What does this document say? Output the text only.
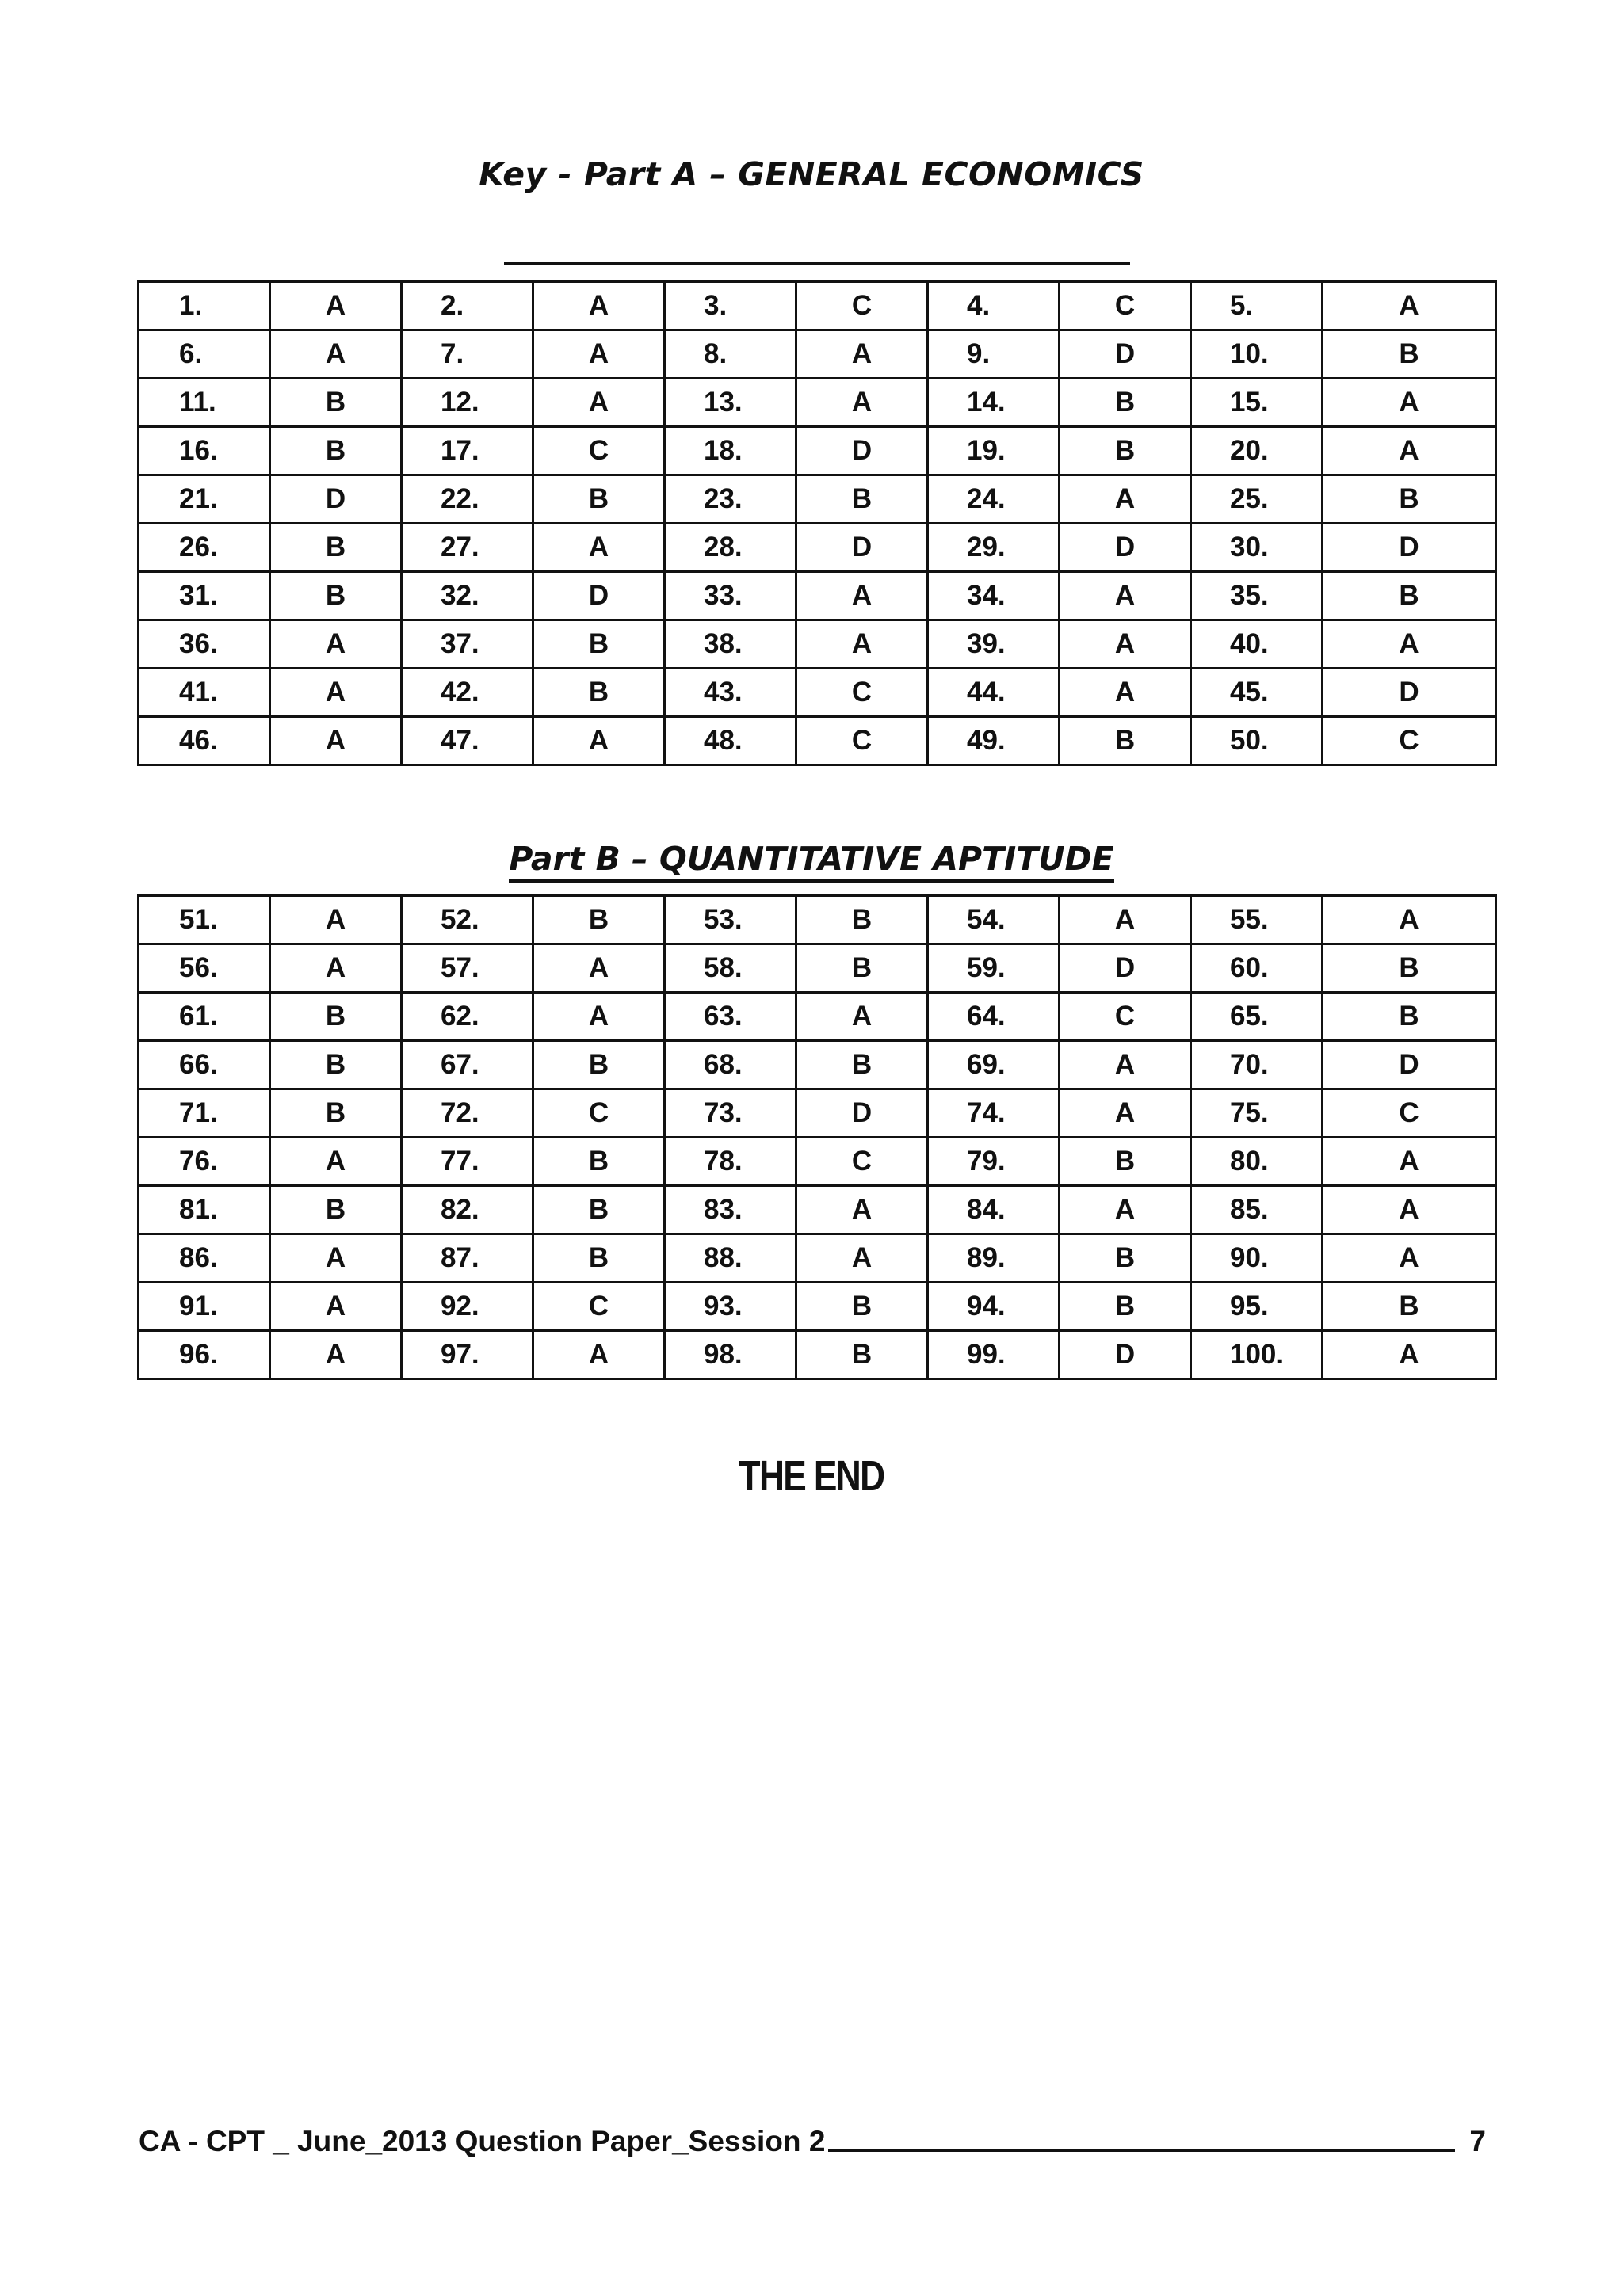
Key - Part A – GENERAL ECONOMICS
1.	A	2.	A	3.	C	4.	C	5.	A
6.	A	7.	A	8.	A	9.	D	10.	B
11.	B	12.	A	13.	A	14.	B	15.	A
16.	B	17.	C	18.	D	19.	B	20.	A
21.	D	22.	B	23.	B	24.	A	25.	B
26.	B	27.	A	28.	D	29.	D	30.	D
31.	B	32.	D	33.	A	34.	A	35.	B
36.	A	37.	B	38.	A	39.	A	40.	A
41.	A	42.	B	43.	C	44.	A	45.	D
46.	A	47.	A	48.	C	49.	B	50.	C
Part B – QUANTITATIVE APTITUDE
51.	A	52.	B	53.	B	54.	A	55.	A
56.	A	57.	A	58.	B	59.	D	60.	B
61.	B	62.	A	63.	A	64.	C	65.	B
66.	B	67.	B	68.	B	69.	A	70.	D
71.	B	72.	C	73.	D	74.	A	75.	C
76.	A	77.	B	78.	C	79.	B	80.	A
81.	B	82.	B	83.	A	84.	A	85.	A
86.	A	87.	B	88.	A	89.	B	90.	A
91.	A	92.	C	93.	B	94.	B	95.	B
96.	A	97.	A	98.	B	99.	D	100.	A
THE END
CA - CPT _ June_2013 Question Paper_Session 2	7
